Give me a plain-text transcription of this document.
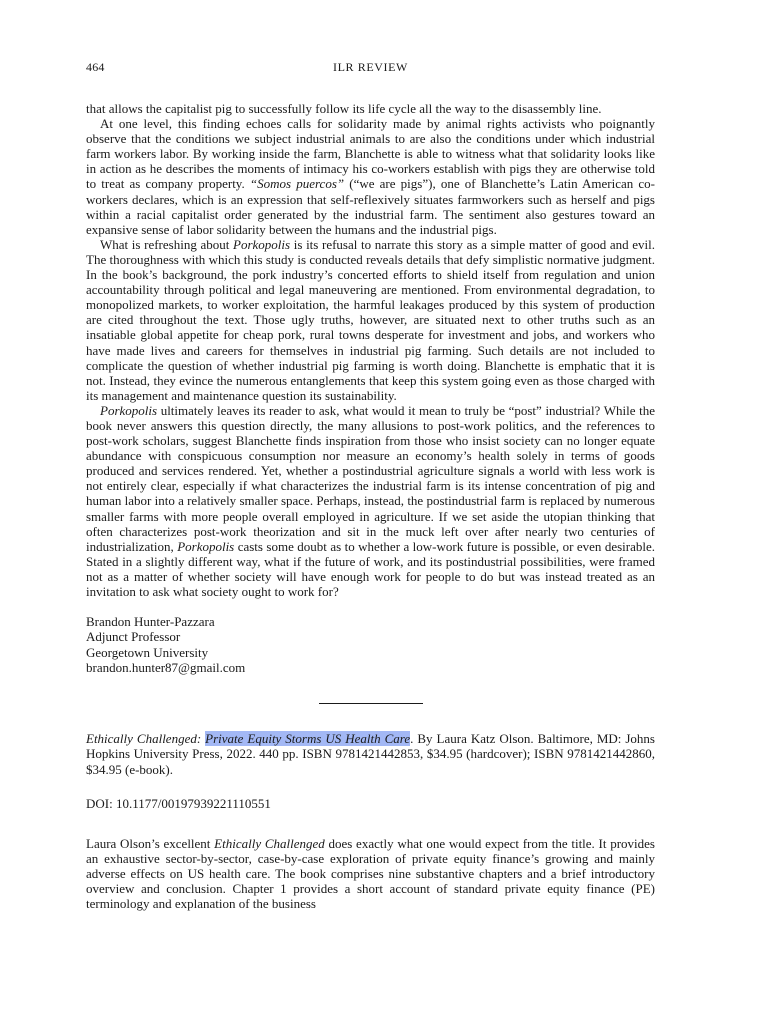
464	ILR REVIEW

that allows the capitalist pig to successfully follow its life cycle all the way to the disassembly line.

At one level, this finding echoes calls for solidarity made by animal rights activists who poignantly observe that the conditions we subject industrial animals to are also the conditions under which industrial farm workers labor. By working inside the farm, Blanchette is able to witness what that solidarity looks like in action as he describes the moments of intimacy his co-workers establish with pigs they are otherwise told to treat as company property. “Somos puercos” (“we are pigs”), one of Blanchette’s Latin American co-workers declares, which is an expression that self-reflexively situates farmworkers such as herself and pigs within a racial capitalist order generated by the industrial farm. The sentiment also gestures toward an expansive sense of labor solidarity between the humans and the industrial pigs.

What is refreshing about Porkopolis is its refusal to narrate this story as a simple matter of good and evil. The thoroughness with which this study is conducted reveals details that defy simplistic normative judgment. In the book’s background, the pork industry’s concerted efforts to shield itself from regulation and union accountability through political and legal maneuvering are mentioned. From environmental degradation, to monopolized markets, to worker exploitation, the harmful leakages produced by this system of production are cited throughout the text. Those ugly truths, however, are situated next to other truths such as an insatiable global appetite for cheap pork, rural towns desperate for investment and jobs, and workers who have made lives and careers for themselves in industrial pig farming. Such details are not included to complicate the question of whether industrial pig farming is worth doing. Blanchette is emphatic that it is not. Instead, they evince the numerous entanglements that keep this system going even as those charged with its management and maintenance question its sustainability.

Porkopolis ultimately leaves its reader to ask, what would it mean to truly be “post” industrial? While the book never answers this question directly, the many allusions to post-work politics, and the references to post-work scholars, suggest Blanchette finds inspiration from those who insist society can no longer equate abundance with conspicuous consumption nor measure an economy’s health solely in terms of goods produced and services rendered. Yet, whether a postindustrial agriculture signals a world with less work is not entirely clear, especially if what characterizes the industrial farm is its intense concentration of pig and human labor into a relatively smaller space. Perhaps, instead, the postindustrial farm is replaced by numerous smaller farms with more people overall employed in agriculture. If we set aside the utopian thinking that often characterizes post-work theorization and sit in the muck left over after nearly two centuries of industrialization, Porkopolis casts some doubt as to whether a low-work future is possible, or even desirable. Stated in a slightly different way, what if the future of work, and its postindustrial possibilities, were framed not as a matter of whether society will have enough work for people to do but was instead treated as an invitation to ask what society ought to work for?

Brandon Hunter-Pazzara
Adjunct Professor
Georgetown University
brandon.hunter87@gmail.com
Ethically Challenged: Private Equity Storms US Health Care. By Laura Katz Olson. Baltimore, MD: Johns Hopkins University Press, 2022. 440 pp. ISBN 9781421442853, $34.95 (hardcover); ISBN 9781421442860, $34.95 (e-book).
DOI: 10.1177/00197939221110551

Laura Olson’s excellent Ethically Challenged does exactly what one would expect from the title. It provides an exhaustive sector-by-sector, case-by-case exploration of private equity finance’s growing and mainly adverse effects on US health care. The book comprises nine substantive chapters and a brief introductory overview and conclusion. Chapter 1 provides a short account of standard private equity finance (PE) terminology and explanation of the business
